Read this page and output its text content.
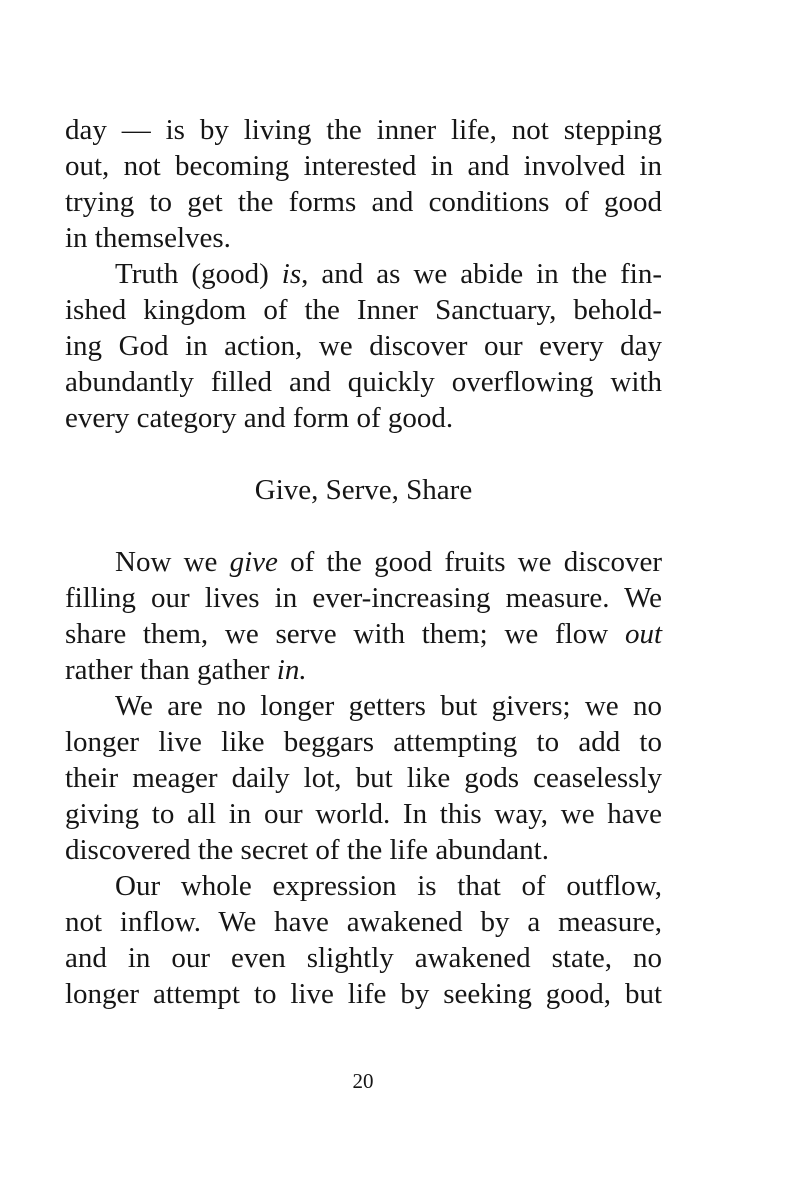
day — is by living the inner life, not stepping
out, not becoming interested in and involved in
trying to get the forms and conditions of good
in themselves.
Truth (good) is, and as we abide in the fin-
ished kingdom of the Inner Sanctuary, behold-
ing God in action, we discover our every day
abundantly filled and quickly overflowing with
every category and form of good.
Give, Serve, Share
Now we give of the good fruits we discover
filling our lives in ever-increasing measure. We
share them, we serve with them; we flow out
rather than gather in.
We are no longer getters but givers; we no
longer live like beggars attempting to add to
their meager daily lot, but like gods ceaselessly
giving to all in our world. In this way, we have
discovered the secret of the life abundant.
Our whole expression is that of outflow,
not inflow. We have awakened by a measure,
and in our even slightly awakened state, no
longer attempt to live life by seeking good, but
20
